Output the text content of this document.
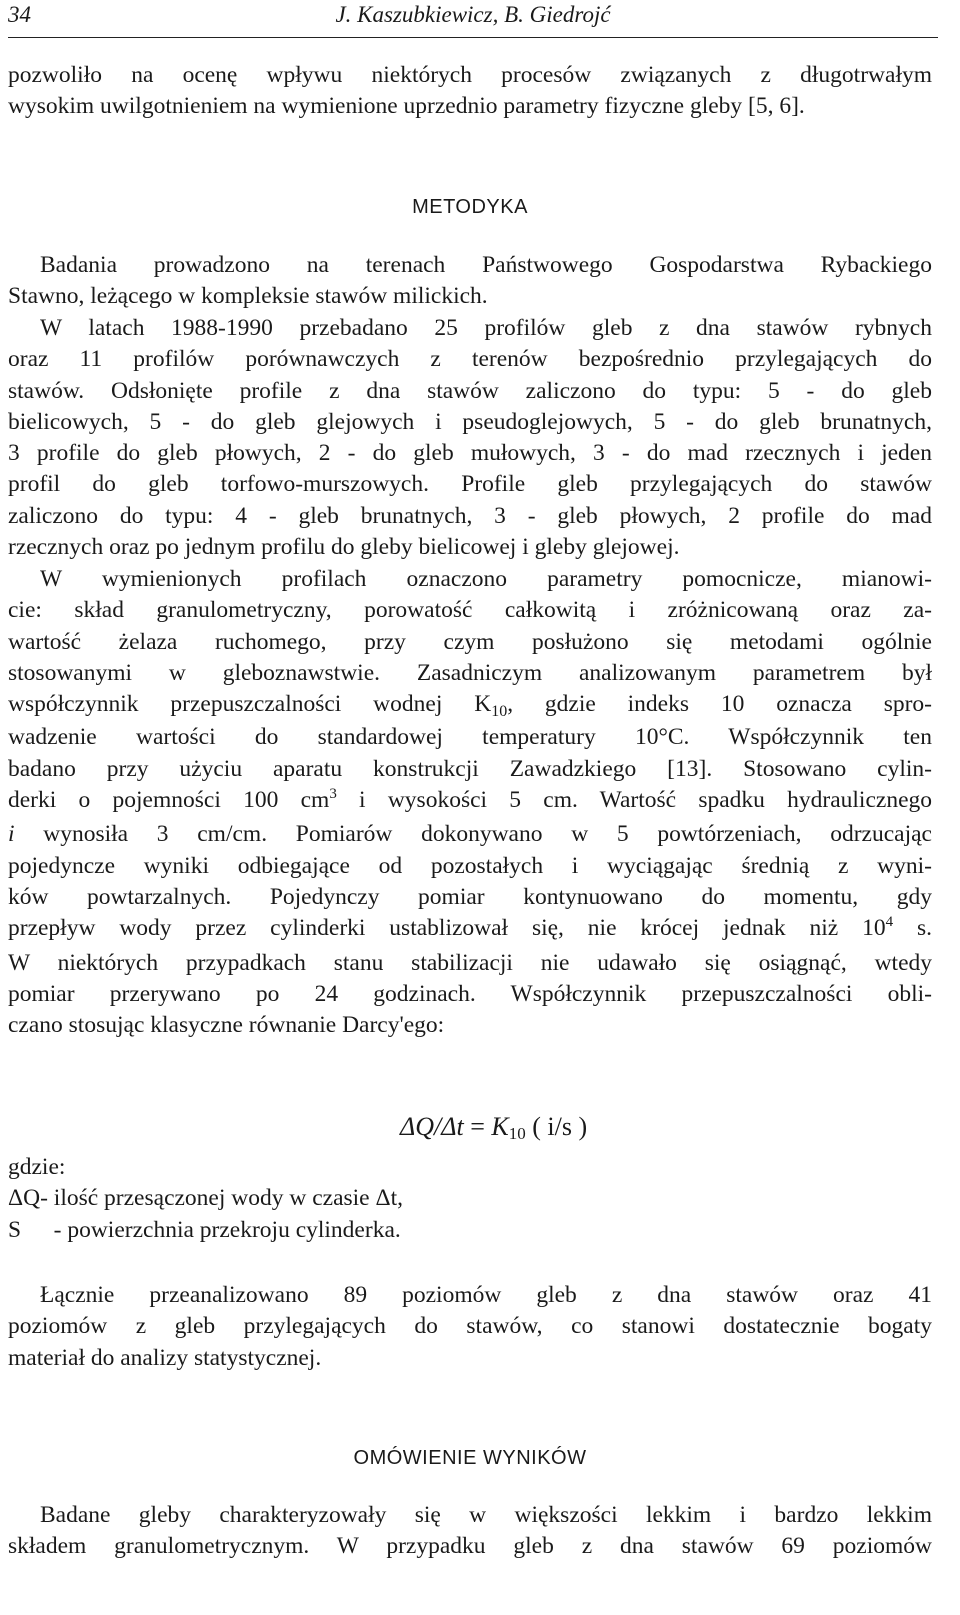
34	J. Kaszubkiewicz, B. Giedrojć
pozwoliło na ocenę wpływu niektórych procesów związanych z długotrwałym
wysokim uwilgotnieniem na wymienione uprzednio parametry fizyczne gleby [5, 6].
METODYKA
Badania prowadzono na terenach Państwowego Gospodarstwa Rybackiego
Stawno, leżącego w kompleksie stawów milickich.
W latach 1988-1990 przebadano 25 profilów gleb z dna stawów rybnych
oraz 11 profilów porównawczych z terenów bezpośrednio przylegających do
stawów. Odsłonięte profile z dna stawów zaliczono do typu: 5 - do gleb
bielicowych, 5 - do gleb glejowych i pseudoglejowych, 5 - do gleb brunatnych,
3 profile do gleb płowych, 2 - do gleb mułowych, 3 - do mad rzecznych i jeden
profil do gleb torfowo-murszowych. Profile gleb przylegających do stawów
zaliczono do typu: 4 - gleb brunatnych, 3 - gleb płowych, 2 profile do mad
rzecznych oraz po jednym profilu do gleby bielicowej i gleby glejowej.
W wymienionych profilach oznaczono parametry pomocnicze, mianowi-
cie: skład granulometryczny, porowatość całkowitą i zróżnicowaną oraz za-
wartość żelaza ruchomego, przy czym posłużono się metodami ogólnie
stosowanymi w gleboznawstwie. Zasadniczym analizowanym parametrem był
współczynnik przepuszczalności wodnej $K_{10}$, gdzie indeks 10 oznacza spro-
wadzenie wartości do standardowej temperatury 10°C. Współczynnik ten
badano przy użyciu aparatu konstrukcji Zawadzkiego [13]. Stosowano cylin-
derki o pojemności 100 $cm^3$ i wysokości 5 cm. Wartość spadku hydraulicznego
i wynosiła 3 cm/cm. Pomiarów dokonywano w 5 powtórzeniach, odrzucając
pojedyncze wyniki odbiegające od pozostałych i wyciągając średnią z wyni-
ków powtarzalnych. Pojedynczy pomiar kontynuowano do momentu, gdy
przepływ wody przez cylinderki ustablizował się, nie krócej jednak niż $10^4$ s.
W niektórych przypadkach stanu stabilizacji nie udawało się osiągnąć, wtedy
pomiar przerywano po 24 godzinach. Współczynnik przepuszczalności obli-
czano stosując klasyczne równanie Darcy'ego:
ΔQ/Δt = K10 ( i/s )
gdzie:
ΔQ - ilość przesączonej wody w czasie Δt,
S - powierzchnia przekroju cylinderka.
Łącznie przeanalizowano 89 poziomów gleb z dna stawów oraz 41
poziomów z gleb przylegających do stawów, co stanowi dostatecznie bogaty
materiał do analizy statystycznej.
OMÓWIENIE WYNIKÓW
Badane gleby charakteryzowały się w większości lekkim i bardzo lekkim
składem granulometrycznym. W przypadku gleb z dna stawów 69 poziomów
